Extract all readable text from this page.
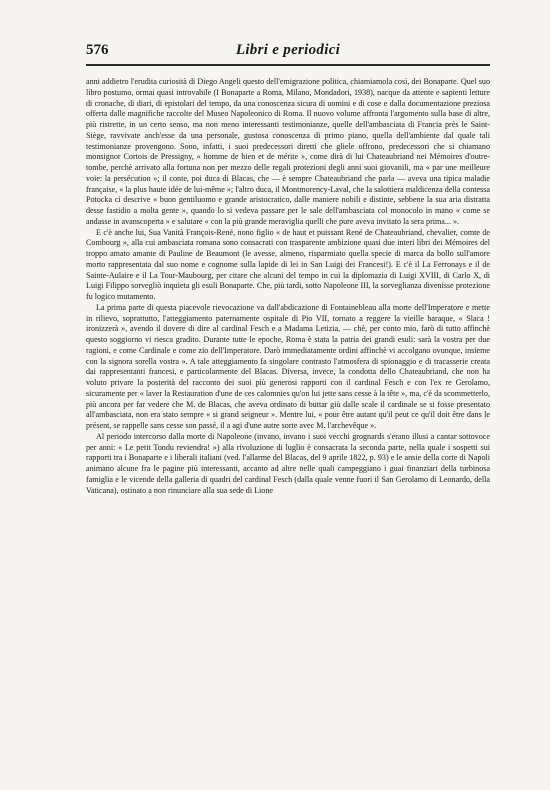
576	Libri e periodici

anni addietro l'erudita curiosità di Diego Angeli questo dell'emigrazione politica, chiamiamola così, dei Bonaparte. Quel suo libro postumo, ormai quasi introvabile (I Bonaparte a Roma, Milano, Mondadori, 1938), nacque da attente e sapienti letture di cronache, di diari, di epistolari del tempo, da una conoscenza sicura di uomini e di cose e dalla documentazione preziosa offerta dalle magnifiche raccolte del Museo Napoleonico di Roma. Il nuovo volume affronta l'argomento sulla base di altre, più ristrette, in un certo senso, ma non meno interessanti testimonianze, quelle dell'ambasciata di Francia près le Saint-Siège, ravvivate anch'esse da una personale, gustosa conoscenza di primo piano, quella dell'ambiente dal quale tali testimonianze provengono. Sono, infatti, i suoi predecessori diretti che gliele offrono, predecessori che si chiamano monsignor Cortois de Pressigny, « homme de bien et de mérite », come dirà di lui Chateaubriand nei Mémoires d'outre-tombe, perchè arrivato alla fortuna non per mezzo delle regali protezioni degli anni suoi giovanili, ma « par une meilleure voie: la persécution »; il conte, poi duca di Blacas, che — è sempre Chateaubriand che parla — aveva una tipica maladie française, « la plus haute idée de lui-même »; l'altro duca, il Montmorency-Laval, che la salottiera maldicenza della contessa Potocka ci descrive « buon gentiluomo e grande aristocratico, dalle maniere nobili e distinte, sebbene la sua aria distratta desse fastidio a molta gente », quando lo si vedeva passare per le sale dell'ambasciata col monocolo in mano « come se andasse in avanscoperta » e salutare « con la più grande meraviglia quelli che pure aveva invitato la sera prima... ».

E c'è anche lui, Sua Vanità François-René, nono figlio « de haut et puissant René de Chateaubriand, chevalier, comte de Combourg », alla cui ambasciata romana sono consacrati con trasparente ambizione quasi due interi libri dei Mémoires del troppo amato amante di Pauline de Beaumont (le avesse, almeno, risparmiato quella specie di marca da bollo sull'amore morto rappresentata dal suo nome e cognome sulla lapide di lei in San Luigi dei Francesi!). E c'è il La Ferronays e il de Sainte-Aulaire e il La Tour-Maubourg, per citare che alcuni del tempo in cui la diplomazia di Luigi XVIII, di Carlo X, di Luigi Filippo sorvegliò inquieta gli esuli Bonaparte. Che, più tardi, sotto Napoleone III, la sorveglianza divenisse protezione fu logico mutamento.

La prima parte di questa piacevole rievocazione va dall'abdicazione di Fontainebleau alla morte dell'Imperatore e mette in rilievo, soprattutto, l'atteggiamento paternamente ospitale di Pio VII, tornato a reggere la vieille baraque, « Slaca ! ironizzerà », avendo il dovere di dire al cardinal Fesch e a Madama Letizia, — chè, per conto mio, farò di tutto affinchè questo soggiorno vi riesca gradito. Durante tutte le epoche, Roma è stata la patria dei grandi esuli: sarà la vostra per due ragioni, e come Cardinale e come zio dell'Imperatore. Darò immediatamente ordini affinchè vi accolgano ovunque, insieme con la signora sorella vostra ». A tale atteggiamento fa singolare contrasto l'atmosfera di spionaggio e di tracasserie creata dai rappresentanti francesi, e particolarmente del Blacas. Diversa, invece, la condotta dello Chateaubriand, che non ha voluto privare la posterità del racconto dei suoi più generosi rapporti con il cardinal Fesch e con l'ex re Gerolamo, sicuramente per « laver la Restauration d'une de ces calomnies qu'on lui jette sans cesse à la tête », ma, c'è da scommetterlo, più ancora per far vedere che M. de Blacas, che aveva ordinato di buttar giù dalle scale il cardinale se si fosse presentato all'ambasciata, non era stato sempre « si grand seigneur ». Mentre lui, « pour être autant qu'il peut ce qu'il doit être dans le présent, se rappelle sans cesse son passé, il a agi d'une autre sorte avec M. l'archevêque ».

Al periodo intercorso dalla morte di Napoleone (invano, invano i suoi vecchi grognards s'erano illusi a cantar sottovoce per anni: « Le petit Tondu reviendra! ») alla rivoluzione di luglio è consacrata la seconda parte, nella quale i sospetti sui rapporti tra i Bonaparte e i liberali italiani (ved. l'allarme del Blacas, del 9 aprile 1822, p. 93) e le ansie della corte di Napoli animano alcune fra le pagine più interessanti, accanto ad altre nelle quali campeggiano i guai finanziari della turbinosa famiglia e le vicende della galleria di quadri del cardinal Fesch (dalla quale venne fuori il San Gerolamo di Leonardo, della Vaticana), ostinato a non rinunciare alla sua sede di Lione
